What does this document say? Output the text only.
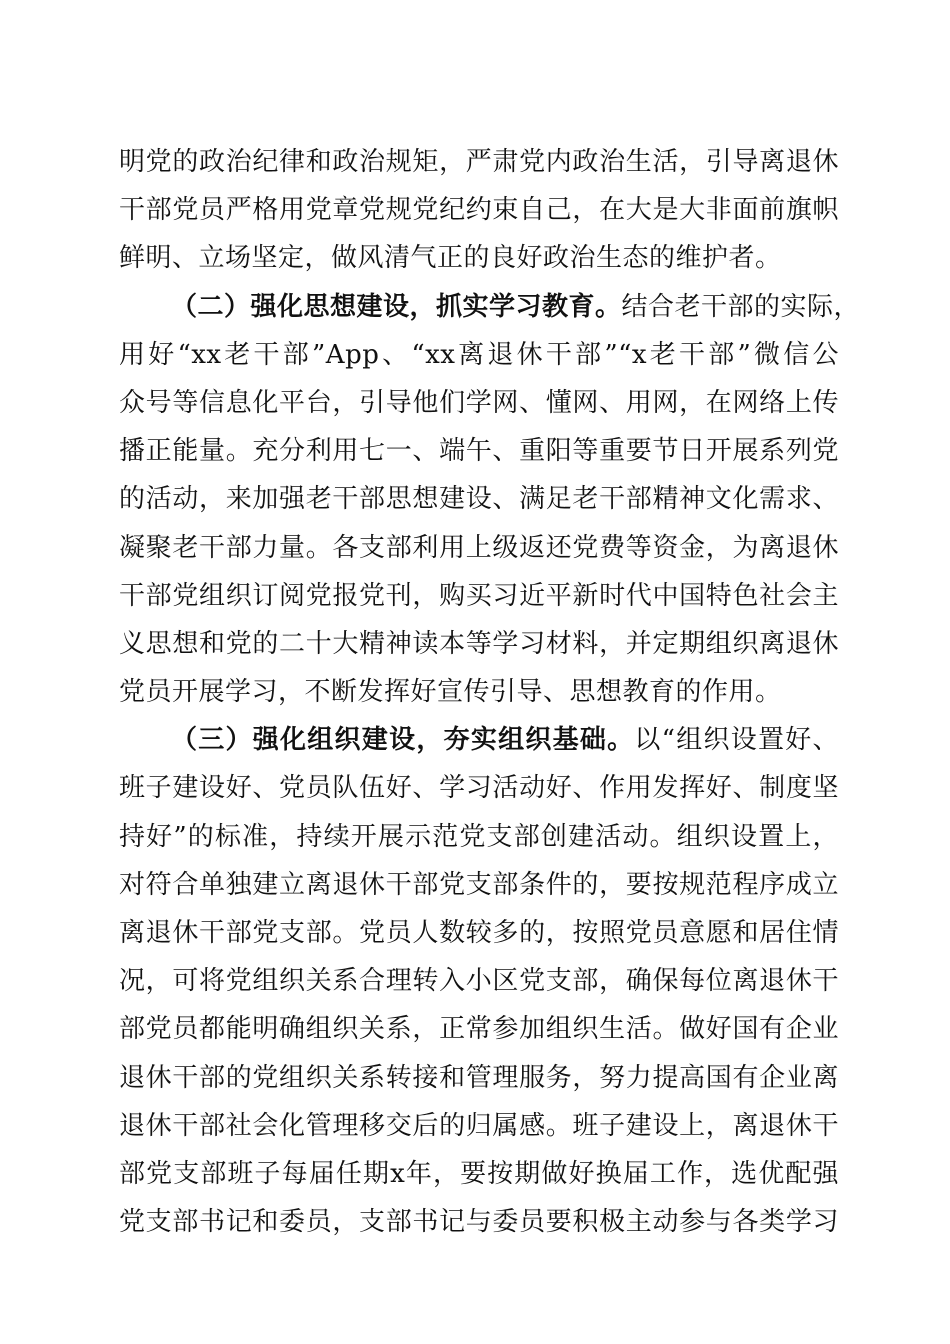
明党的政治纪律和政治规矩，严肃党内政治生活，引导离退休
干部党员严格用党章党规党纪约束自己，在大是大非面前旗帜
鲜明、立场坚定，做风清气正的良好政治生态的维护者。
（二）强化思想建设，抓实学习教育。结合老干部的实际，
用好“xx老干部”App、“xx离退休干部”“x老干部”微信公
众号等信息化平台，引导他们学网、懂网、用网，在网络上传
播正能量。充分利用七一、端午、重阳等重要节日开展系列党
的活动，来加强老干部思想建设、满足老干部精神文化需求、
凝聚老干部力量。各支部利用上级返还党费等资金，为离退休
干部党组织订阅党报党刊，购买习近平新时代中国特色社会主
义思想和党的二十大精神读本等学习材料，并定期组织离退休
党员开展学习，不断发挥好宣传引导、思想教育的作用。
（三）强化组织建设，夯实组织基础。以“组织设置好、
班子建设好、党员队伍好、学习活动好、作用发挥好、制度坚
持好”的标准，持续开展示范党支部创建活动。组织设置上，
对符合单独建立离退休干部党支部条件的，要按规范程序成立
离退休干部党支部。党员人数较多的，按照党员意愿和居住情
况，可将党组织关系合理转入小区党支部，确保每位离退休干
部党员都能明确组织关系，正常参加组织生活。做好国有企业
退休干部的党组织关系转接和管理服务，努力提高国有企业离
退休干部社会化管理移交后的归属感。班子建设上，离退休干
部党支部班子每届任期x年，要按期做好换届工作，选优配强
党支部书记和委员，支部书记与委员要积极主动参与各类学习
